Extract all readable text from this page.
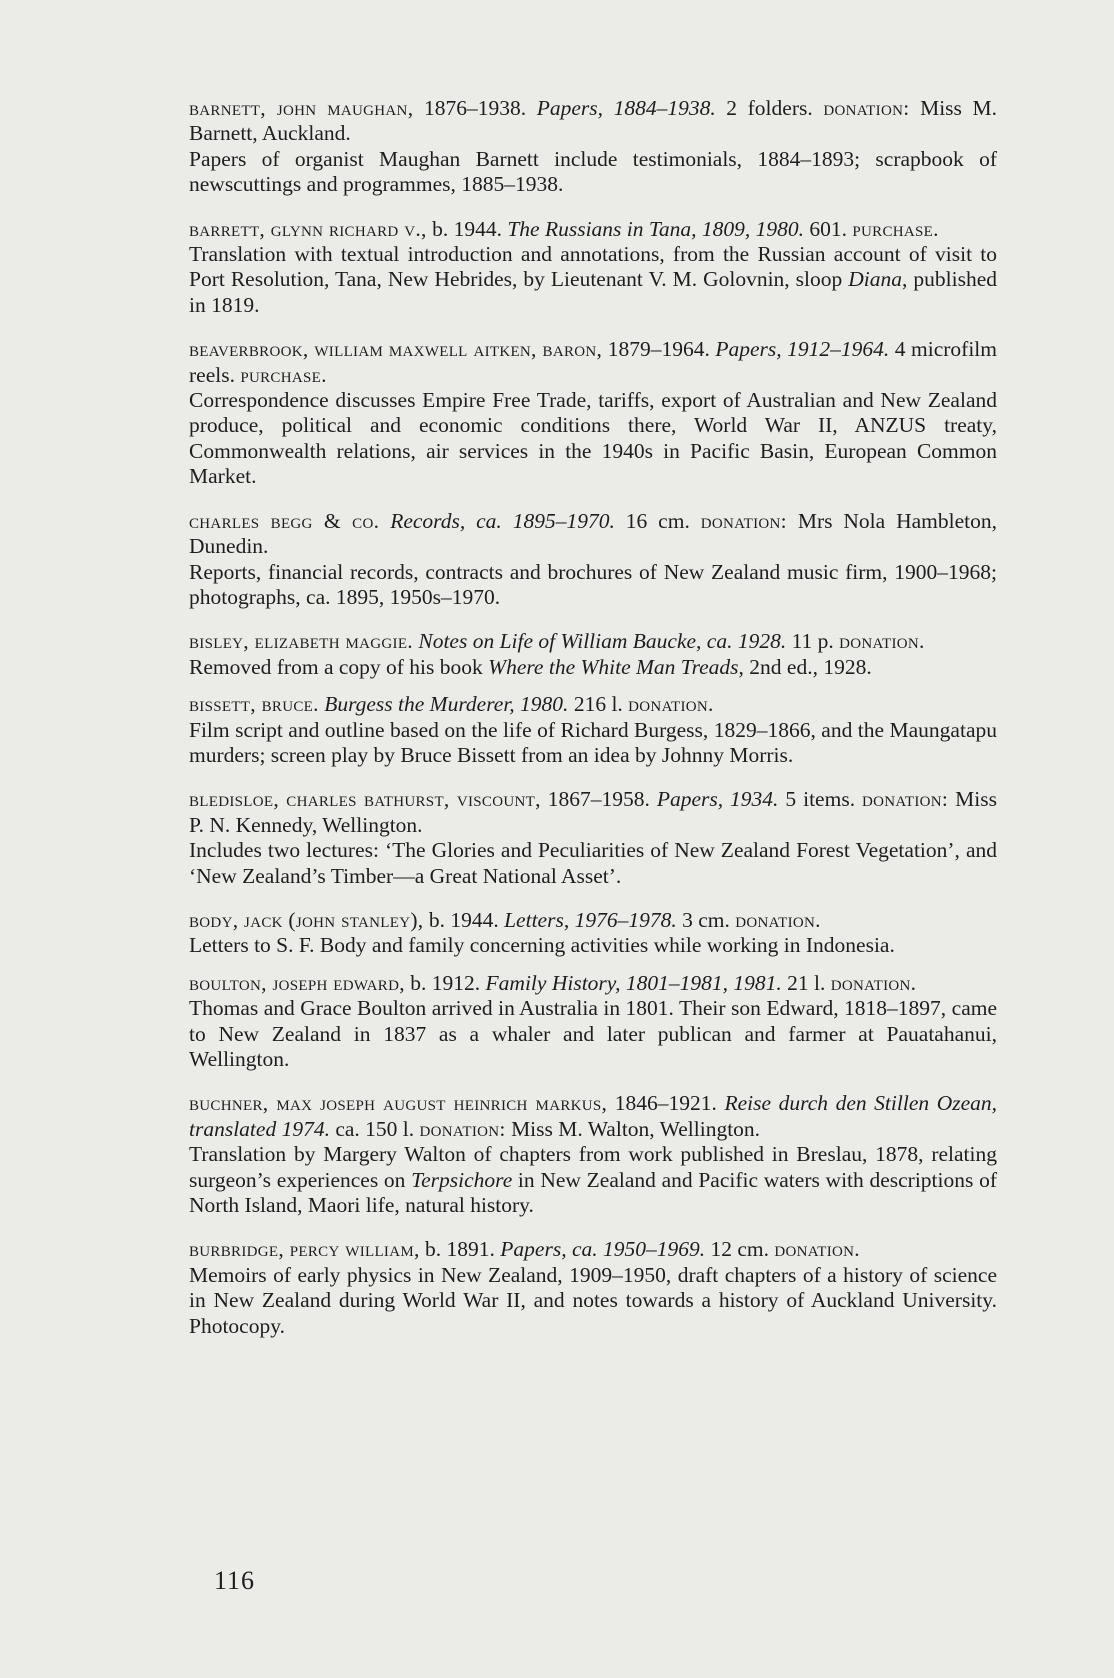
barnett, john maughan, 1876–1938. Papers, 1884–1938. 2 folders. donation: Miss M. Barnett, Auckland.

Papers of organist Maughan Barnett include testimonials, 1884–1893; scrapbook of newscuttings and programmes, 1885–1938.

barrett, glynn richard v., b. 1944. The Russians in Tana, 1809, 1980. 601. purchase.

Translation with textual introduction and annotations, from the Russian account of visit to Port Resolution, Tana, New Hebrides, by Lieutenant V. M. Golovnin, sloop Diana, published in 1819.

beaverbrook, william maxwell aitken, baron, 1879–1964. Papers, 1912–1964. 4 microfilm reels. purchase.

Correspondence discusses Empire Free Trade, tariffs, export of Australian and New Zealand produce, political and economic conditions there, World War II, ANZUS treaty, Commonwealth relations, air services in the 1940s in Pacific Basin, European Common Market.

charles begg & co. Records, ca. 1895–1970. 16 cm. donation: Mrs Nola Hambleton, Dunedin.

Reports, financial records, contracts and brochures of New Zealand music firm, 1900–1968; photographs, ca. 1895, 1950s–1970.

bisley, elizabeth maggie. Notes on Life of William Baucke, ca. 1928. 11 p. donation.

Removed from a copy of his book Where the White Man Treads, 2nd ed., 1928.

bissett, bruce. Burgess the Murderer, 1980. 216 l. donation.

Film script and outline based on the life of Richard Burgess, 1829–1866, and the Maungatapu murders; screen play by Bruce Bissett from an idea by Johnny Morris.

bledisloe, charles bathurst, viscount, 1867–1958. Papers, 1934. 5 items. donation: Miss P. N. Kennedy, Wellington.

Includes two lectures: ‘The Glories and Peculiarities of New Zealand Forest Vegetation’, and ‘New Zealand’s Timber—a Great National Asset’.

body, jack (john stanley), b. 1944. Letters, 1976–1978. 3 cm. donation.

Letters to S. F. Body and family concerning activities while working in Indonesia.

boulton, joseph edward, b. 1912. Family History, 1801–1981, 1981. 21 l. donation.

Thomas and Grace Boulton arrived in Australia in 1801. Their son Edward, 1818–1897, came to New Zealand in 1837 as a whaler and later publican and farmer at Pauatahanui, Wellington.

buchner, max joseph august heinrich markus, 1846–1921. Reise durch den Stillen Ozean, translated 1974. ca. 150 l. donation: Miss M. Walton, Wellington.

Translation by Margery Walton of chapters from work published in Breslau, 1878, relating surgeon’s experiences on Terpsichore in New Zealand and Pacific waters with descriptions of North Island, Maori life, natural history.

burbridge, percy william, b. 1891. Papers, ca. 1950–1969. 12 cm. donation.

Memoirs of early physics in New Zealand, 1909–1950, draft chapters of a history of science in New Zealand during World War II, and notes towards a history of Auckland University. Photocopy.

116
